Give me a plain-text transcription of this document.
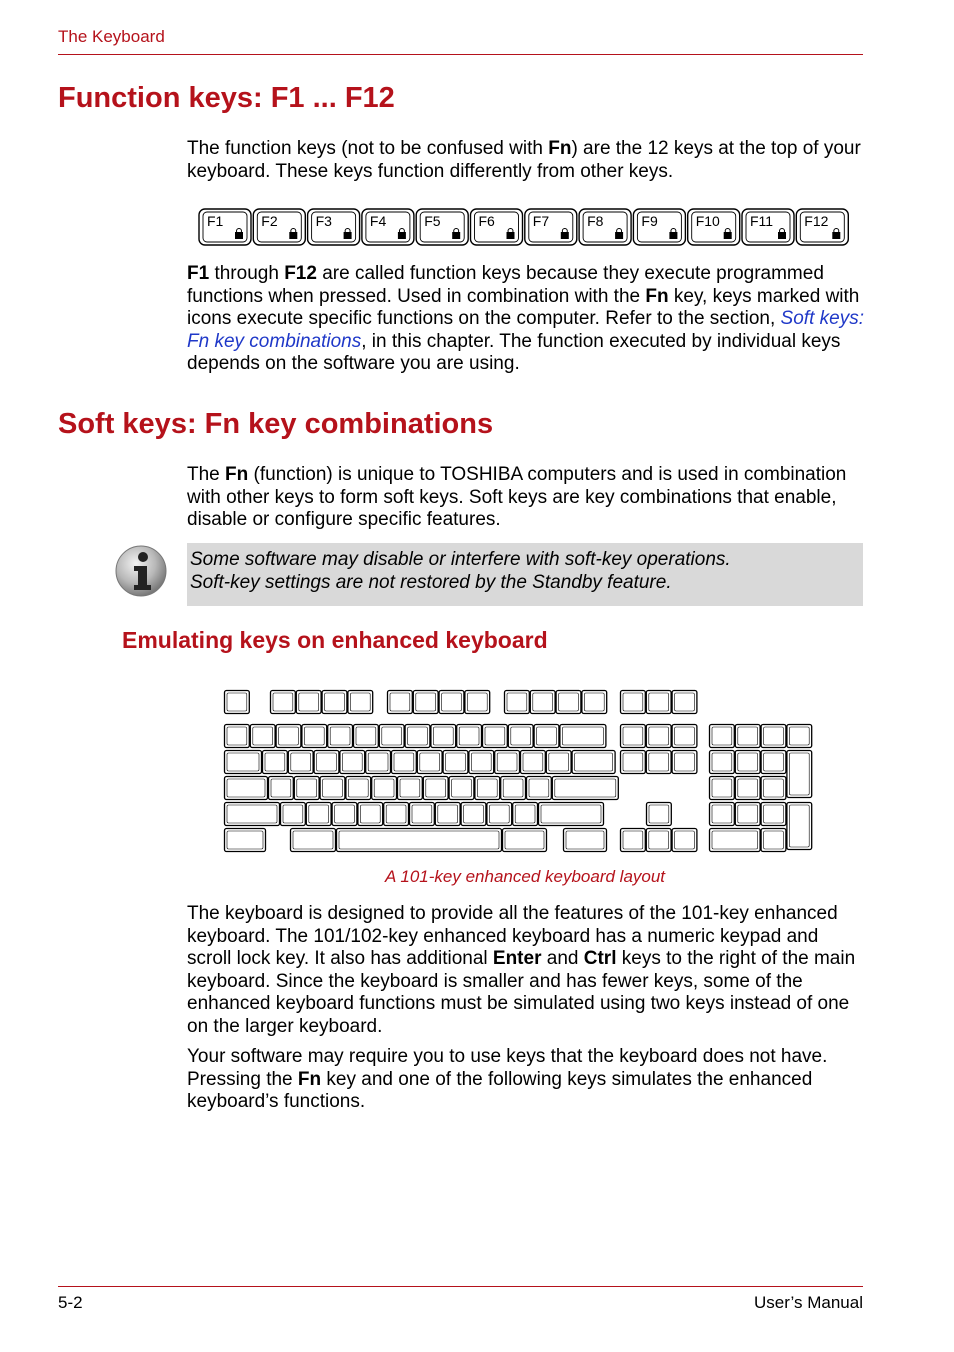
The Keyboard
Function keys: F1 ... F12
The function keys (not to be confused with Fn) are the 12 keys at the top of your keyboard. These keys function differently from other keys.
F1	F2	F3	F4	F5	F6	F7	F8	F9	F10 F11 F12
F1 through F12 are called function keys because they execute programmed functions when pressed. Used in combination with the Fn key, keys marked with icons execute specific functions on the computer. Refer to the section, Soft keys: Fn key combinations, in this chapter. The function executed by individual keys depends on the software you are using.
Soft keys: Fn key combinations
The Fn (function) is unique to TOSHIBA computers and is used in combination with other keys to form soft keys. Soft keys are key combinations that enable, disable or configure specific features.
Some software may disable or interfere with soft-key operations.
Soft-key settings are not restored by the Standby feature.
Emulating keys on enhanced keyboard
A 101-key enhanced keyboard layout
The keyboard is designed to provide all the features of the 101-key enhanced keyboard. The 101/102-key enhanced keyboard has a numeric keypad and scroll lock key. It also has additional Enter and Ctrl keys to the right of the main keyboard. Since the keyboard is smaller and has fewer keys, some of the enhanced keyboard functions must be simulated using two keys instead of one on the larger keyboard.
Your software may require you to use keys that the keyboard does not have. Pressing the Fn key and one of the following keys simulates the enhanced keyboard’s functions.
5-2	User’s Manual
